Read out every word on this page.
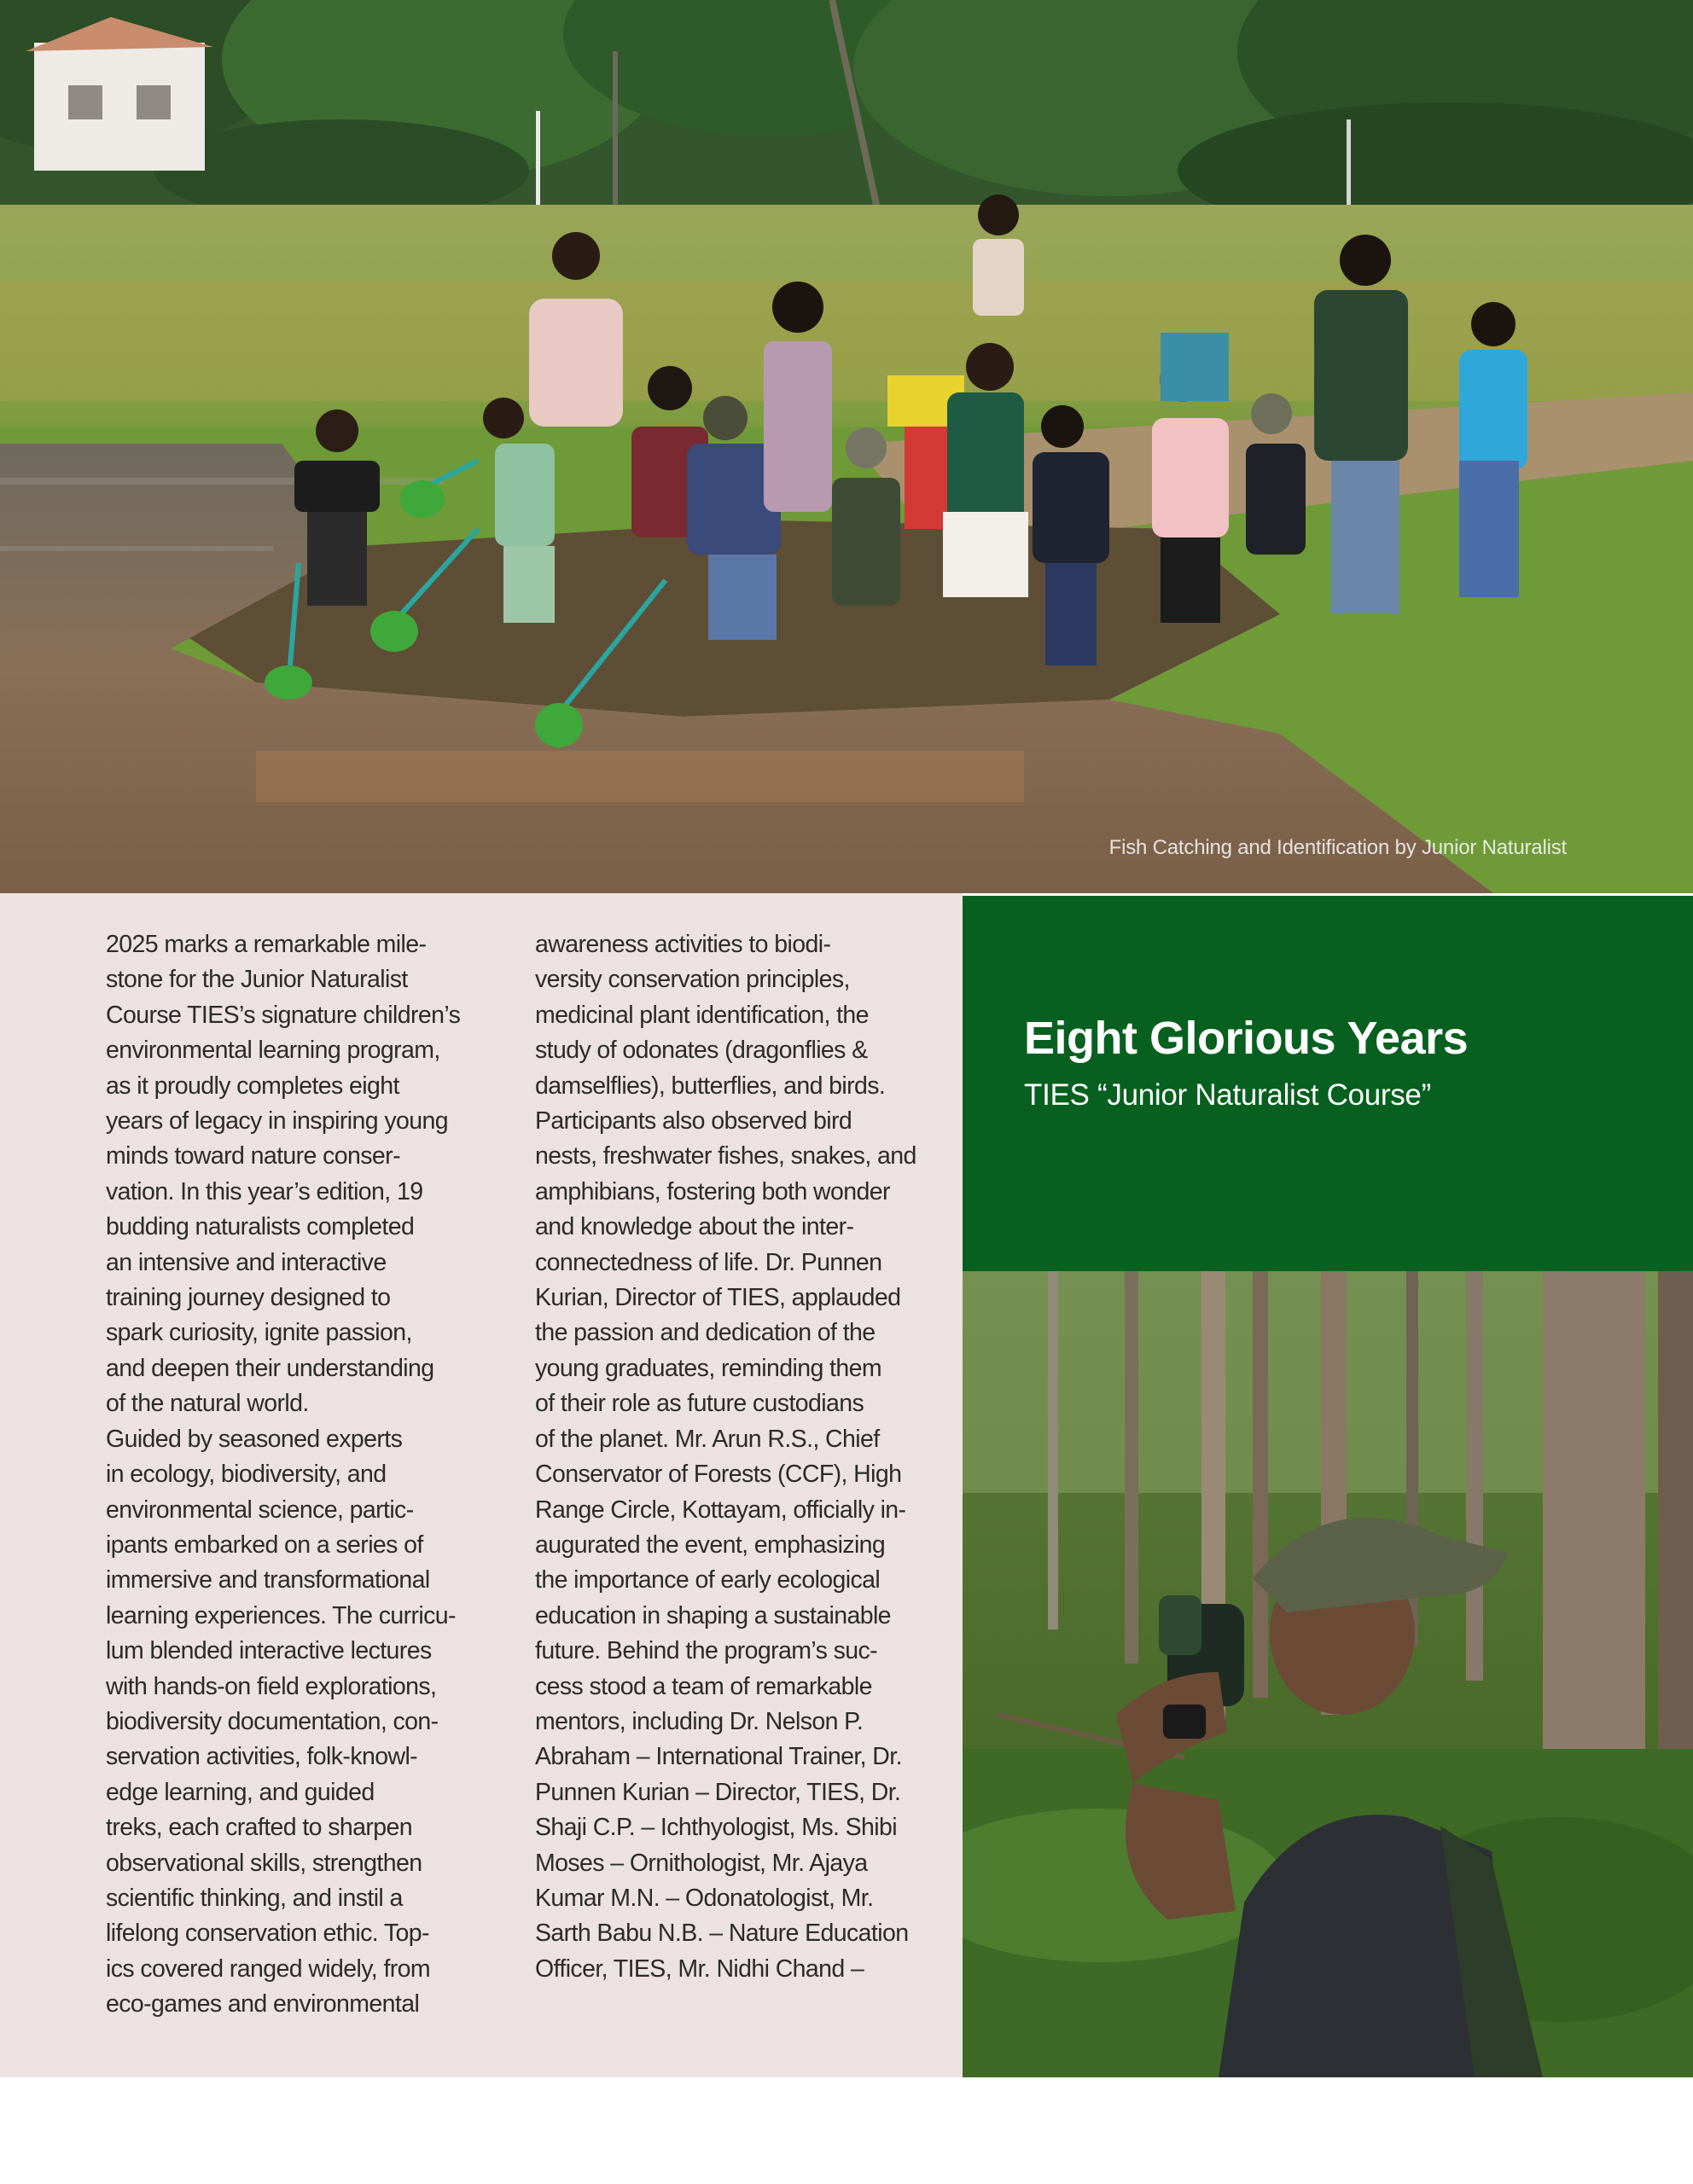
Fish Catching and Identification by Junior Naturalist
2025 marks a remarkable mile-
stone for the Junior Naturalist
Course TIES’s signature children’s
environmental learning program,
as it proudly completes eight
years of legacy in inspiring young
minds toward nature conser-
vation. In this year’s edition, 19
budding naturalists completed
an intensive and interactive
training journey designed to
spark curiosity, ignite passion,
and deepen their understanding
of the natural world.
Guided by seasoned experts
in ecology, biodiversity, and
environmental science, partic-
ipants embarked on a series of
immersive and transformational
learning experiences. The curricu-
lum blended interactive lectures
with hands-on field explorations,
biodiversity documentation, con-
servation activities, folk-knowl-
edge learning, and guided
treks, each crafted to sharpen
observational skills, strengthen
scientific thinking, and instil a
lifelong conservation ethic. Top-
ics covered ranged widely, from
eco-games and environmental
awareness activities to biodi-
versity conservation principles,
medicinal plant identification, the
study of odonates (dragonflies &
damselflies), butterflies, and birds.
Participants also observed bird
nests, freshwater fishes, snakes, and
amphibians, fostering both wonder
and knowledge about the inter-
connectedness of life. Dr. Punnen
Kurian, Director of TIES, applauded
the passion and dedication of the
young graduates, reminding them
of their role as future custodians
of the planet. Mr. Arun R.S., Chief
Conservator of Forests (CCF), High
Range Circle, Kottayam, officially in-
augurated the event, emphasizing
the importance of early ecological
education in shaping a sustainable
future. Behind the program’s suc-
cess stood a team of remarkable
mentors, including Dr. Nelson P.
Abraham – International Trainer, Dr.
Punnen Kurian – Director, TIES, Dr.
Shaji C.P. – Ichthyologist, Ms. Shibi
Moses – Ornithologist, Mr. Ajaya
Kumar M.N. – Odonatologist, Mr.
Sarth Babu N.B. – Nature Education
Officer, TIES, Mr. Nidhi Chand –
Eight Glorious Years
TIES “Junior Naturalist Course”
